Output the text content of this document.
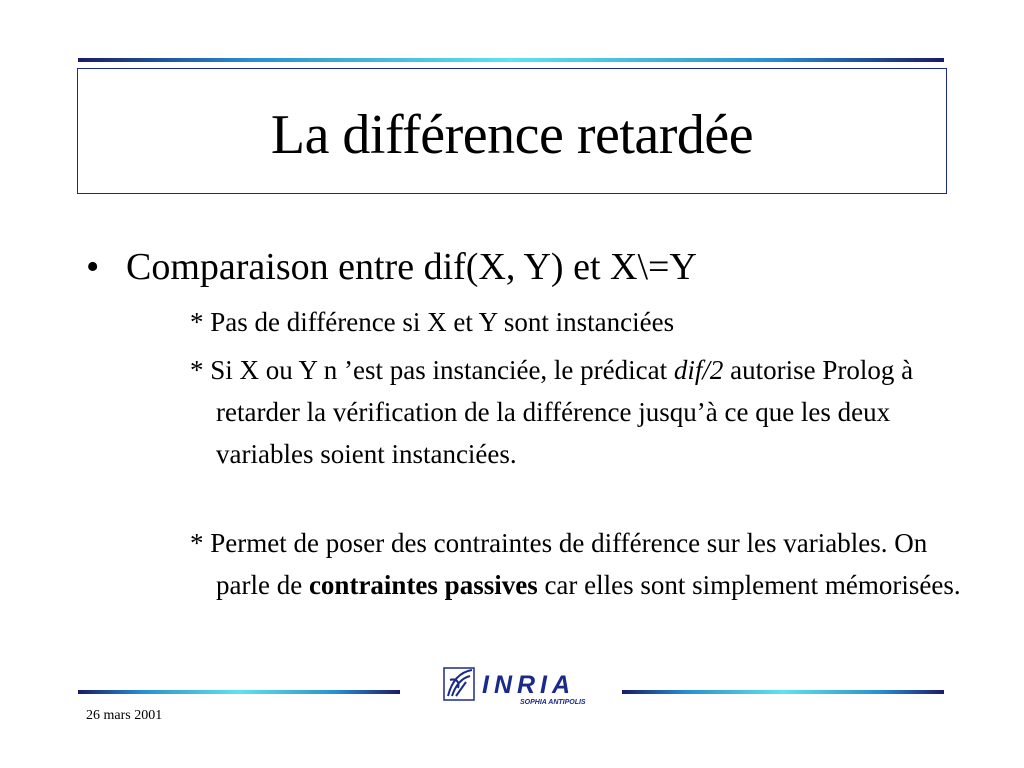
La différence retardée
• Comparaison entre dif(X, Y) et X\=Y
* Pas de différence si X et Y sont instanciées
* Si X ou Y n ’est pas instanciée, le prédicat dif/2 autorise Prolog à retarder la vérification de la différence jusqu’à ce que les deux variables soient instanciées.
* Permet de poser des contraintes de différence sur les variables. On parle de contraintes passives car elles sont simplement mémorisées.
INRIA
SOPHIA ANTIPOLIS
26 mars 2001
